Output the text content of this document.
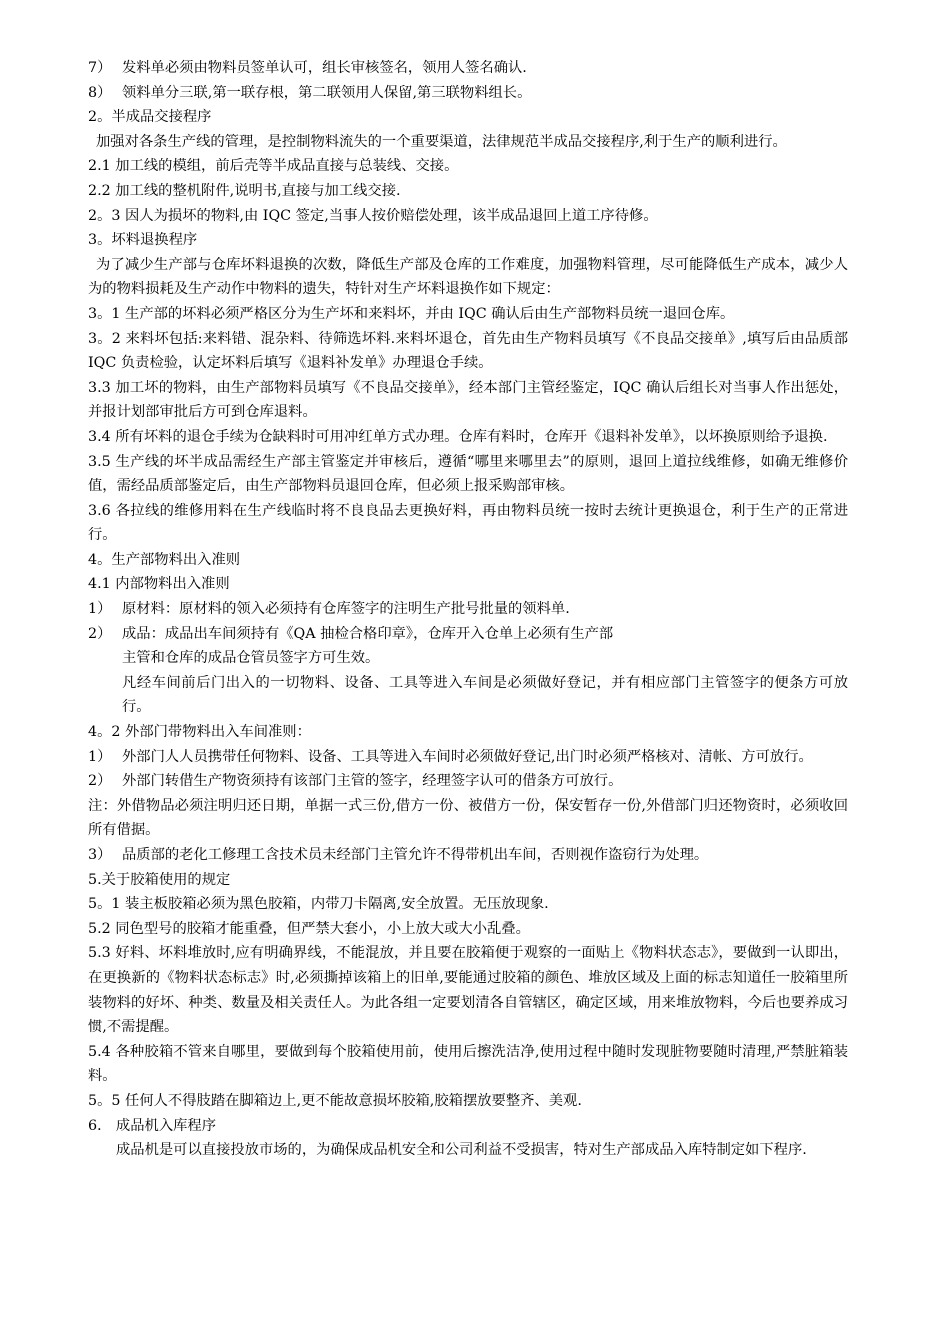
7） 发料单必须由物料员签单认可，组长审核签名，领用人签名确认.
8） 领料单分三联,第一联存根，第二联领用人保留,第三联物料组长。
2。半成品交接程序
加强对各条生产线的管理，是控制物料流失的一个重要渠道，法律规范半成品交接程序,利于生产的顺利进行。
2.1 加工线的模组，前后壳等半成品直接与总装线、交接。
2.2 加工线的整机附件,说明书,直接与加工线交接.
2。3 因人为损坏的物料,由 IQC 签定,当事人按价赔偿处理，该半成品退回上道工序待修。
3。坏料退换程序
为了减少生产部与仓库坏料退换的次数，降低生产部及仓库的工作难度，加强物料管理，尽可能降低生产成本，减少人为的物料损耗及生产动作中物料的遗失，特针对生产坏料退换作如下规定：
3。1 生产部的坏料必须严格区分为生产坏和来料坏，并由 IQC 确认后由生产部物料员统一退回仓库。
3。2 来料坏包括:来料错、混杂料、待筛选坏料.来料坏退仓，首先由生产物料员填写《不良品交接单》,填写后由品质部 IQC 负责检验，认定坏料后填写《退料补发单》办理退仓手续。
3.3 加工坏的物料，由生产部物料员填写《不良品交接单》，经本部门主管经鉴定，IQC 确认后组长对当事人作出惩处，并报计划部审批后方可到仓库退料。
3.4 所有坏料的退仓手续为仓缺料时可用冲红单方式办理。仓库有料时，仓库开《退料补发单》，以坏换原则给予退换.
3.5 生产线的坏半成品需经生产部主管鉴定并审核后，遵循“哪里来哪里去”的原则，退回上道拉线维修，如确无维修价值，需经品质部鉴定后，由生产部物料员退回仓库，但必须上报采购部审核。
3.6 各拉线的维修用料在生产线临时将不良良品去更换好料，再由物料员统一按时去统计更换退仓，利于生产的正常进行。
4。生产部物料出入准则
4.1 内部物料出入准则
1） 原材料：原材料的领入必须持有仓库签字的注明生产批号批量的领料单.
2） 成品：成品出车间须持有《QA 抽检合格印章》，仓库开入仓单上必须有生产部
主管和仓库的成品仓管员签字方可生效。
凡经车间前后门出入的一切物料、设备、工具等进入车间是必须做好登记，并有相应部门主管签字的便条方可放行。
4。2 外部门带物料出入车间准则：
1） 外部门人人员携带任何物料、设备、工具等进入车间时必须做好登记,出门时必须严格核对、清帐、方可放行。
2） 外部门转借生产物资须持有该部门主管的签字，经理签字认可的借条方可放行。
注：外借物品必须注明归还日期，单据一式三份,借方一份、被借方一份，保安暂存一份,外借部门归还物资时，必须收回所有借据。
3） 品质部的老化工修理工含技术员未经部门主管允许不得带机出车间，否则视作盗窃行为处理。
5.关于胶箱使用的规定
5。1 装主板胶箱必须为黑色胶箱，内带刀卡隔离,安全放置。无压放现象.
5.2 同色型号的胶箱才能重叠，但严禁大套小，小上放大或大小乱叠。
5.3 好料、坏料堆放时,应有明确界线，不能混放，并且要在胶箱便于观察的一面贴上《物料状态志》，要做到一认即出，在更换新的《物料状态标志》时,必须撕掉该箱上的旧单,要能通过胶箱的颜色、堆放区域及上面的标志知道任一胶箱里所装物料的好坏、种类、数量及相关责任人。为此各组一定要划清各自管辖区，确定区域，用来堆放物料，今后也要养成习惯,不需提醒。
5.4 各种胶箱不管来自哪里，要做到每个胶箱使用前，使用后擦洗洁净,使用过程中随时发现脏物要随时清理,严禁脏箱装料。
5。5 任何人不得肢踏在脚箱边上,更不能故意损坏胶箱,胶箱摆放要整齐、美观.
6． 成品机入库程序
成品机是可以直接投放市场的，为确保成品机安全和公司利益不受损害，特对生产部成品入库特制定如下程序.
